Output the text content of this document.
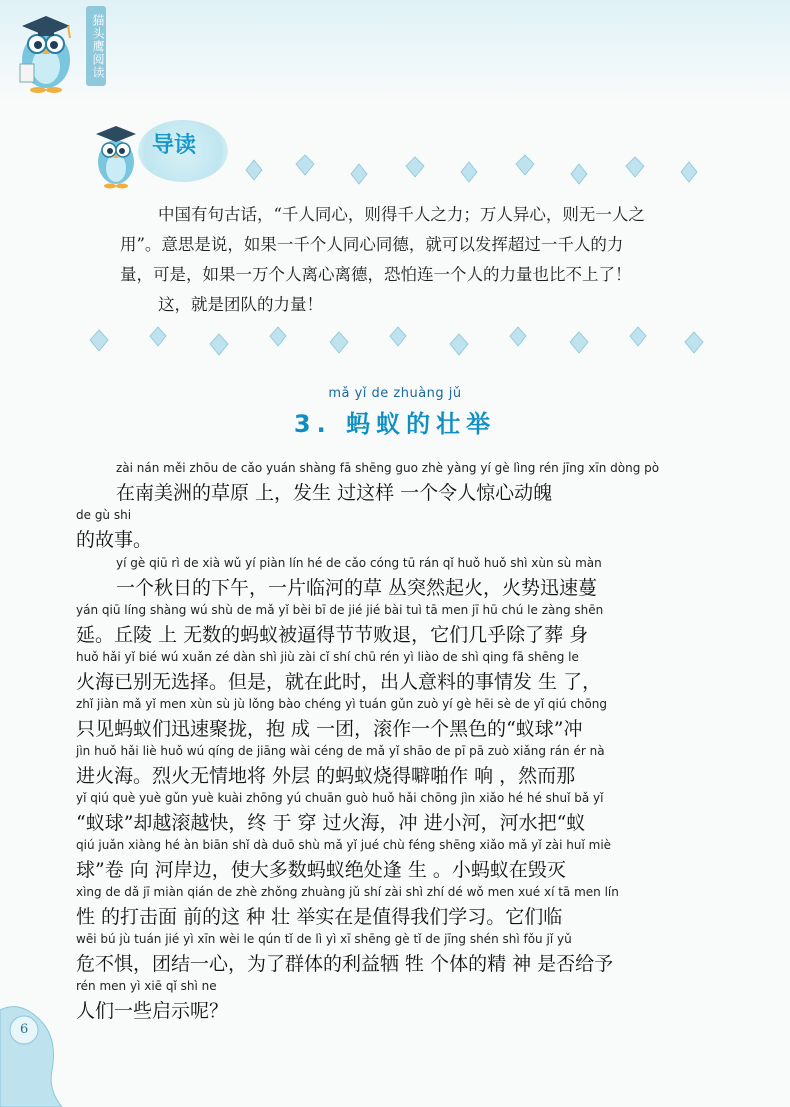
猫头鹰阅读
导读

中国有句古话，“千人同心，则得千人之力；万人异心，则无一人之

用”。意思是说，如果一千个人同心同德，就可以发挥超过一千人的力

量，可是，如果一万个人离心离德，恐怕连一个人的力量也比不上了！

这，就是团队的力量！

mǎ yǐ de zhuàng jǔ
3. 蚂蚁的壮举
zài nán měi zhōu de cǎo yuán shàng fā shēng guo zhè yàng yí gè lìng rén jīng xīn dòng pò
在南美洲的草原 上，发生 过这样 一个令人惊心动魄
de gù shi
的故事。
yí gè qiū rì de xià wǔ yí piàn lín hé de cǎo cóng tū rán qǐ huǒ huǒ shì xùn sù màn
一个秋日的下午，一片临河的草 丛突然起火，火势迅速蔓
yán qiū líng shàng wú shù de mǎ yǐ bèi bī de jié jié bài tuì tā men jī hū chú le zàng shēn
延。丘陵 上 无数的蚂蚁被逼得节节败退，它们几乎除了葬 身
huǒ hǎi yǐ bié wú xuǎn zé dàn shì jiù zài cǐ shí chū rén yì liào de shì qing fā shēng le
火海已别无选择。但是，就在此时，出人意料的事情发 生 了，
zhǐ jiàn mǎ yǐ men xùn sù jù lǒng bào chéng yì tuán gǔn zuò yí gè hēi sè de yǐ qiú chōng
只见蚂蚁们迅速聚拢，抱 成 一团，滚作一个黑色的“蚁球”冲
jìn huǒ hǎi liè huǒ wú qíng de jiāng wài céng de mǎ yǐ shāo de pī pā zuò xiǎng rán ér nà
进火海。烈火无情地将 外层 的蚂蚁烧得噼啪作 响 ，然而那
yǐ qiú què yuè gǔn yuè kuài zhōng yú chuān guò huǒ hǎi chōng jìn xiǎo hé hé shuǐ bǎ yǐ
“蚁球”却越滚越快，终 于 穿 过火海，冲 进小河，河水把“蚁
qiú juǎn xiàng hé àn biān shǐ dà duō shù mǎ yǐ jué chù féng shēng xiǎo mǎ yǐ zài huǐ miè
球”卷 向 河岸边，使大多数蚂蚁绝处逢 生 。小蚂蚁在毁灭
xìng de dǎ jī miàn qián de zhè zhǒng zhuàng jǔ shí zài shì zhí dé wǒ men xué xí tā men lín
性 的打击面 前的这 种 壮 举实在是值得我们学习。它们临
wēi bú jù tuán jié yì xīn wèi le qún tǐ de lì yì xī shēng gè tǐ de jīng shén shì fǒu jǐ yǔ
危不惧，团结一心，为了群体的利益牺 牲 个体的精 神 是否给予
rén men yì xiē qǐ shì ne
人们一些启示呢？
6
